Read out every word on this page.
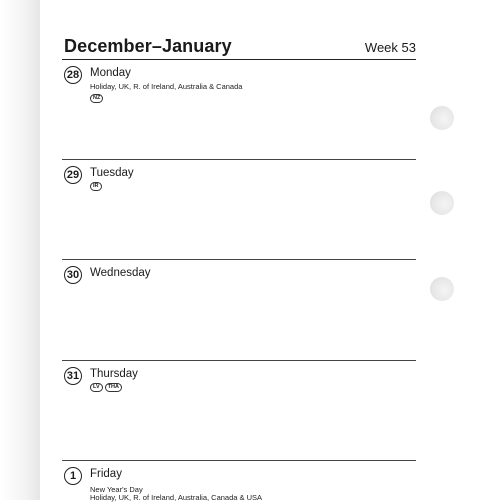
December–January	Week 53
28 Monday
Holiday, UK, R. of Ireland, Australia & Canada
NZ
29 Tuesday
IR
30 Wednesday
31 Thursday
LV	THA
1	Friday
New Year's Day
Holiday, UK, R. of Ireland, Australia, Canada & USA
